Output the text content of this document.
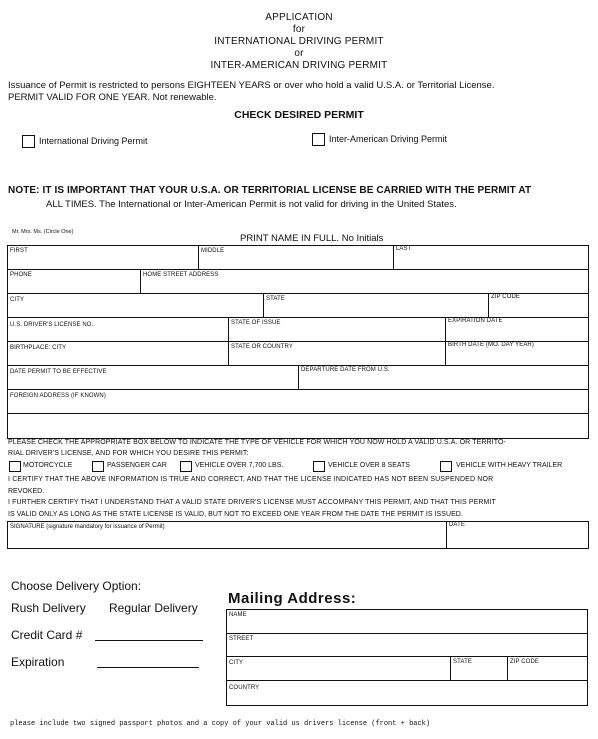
APPLICATION
for
INTERNATIONAL DRIVING PERMIT
or
INTER-AMERICAN DRIVING PERMIT
Issuance of Permit is restricted to persons EIGHTEEN YEARS or over who hold a valid U.S.A. or Territorial License.
PERMIT VALID FOR ONE YEAR. Not renewable.
CHECK DESIRED PERMIT
International Driving Permit	Inter-American Driving Permit
NOTE: IT IS IMPORTANT THAT YOUR U.S.A. OR TERRITORIAL LICENSE BE CARRIED WITH THE PERMIT AT
ALL TIMES. The International or Inter-American Permit is not valid for driving in the United States.
Mr. Mrs. Ms. (Circle One)
PRINT NAME IN FULL. No Initials
FIRST	MIDDLE	LAST
PHONE	HOME STREET ADDRESS
CITY	STATE	ZIP CODE
U.S. DRIVER'S LICENSE NO.	STATE OF ISSUE	EXPIRATION DATE
BIRTHPLACE: CITY	STATE OR COUNTRY	BIRTH DATE (MO. DAY YEAR)
DATE PERMIT TO BE EFFECTIVE	DEPARTURE DATE FROM U.S.
FOREIGN ADDRESS (IF KNOWN)
PLEASE CHECK THE APPROPRIATE BOX BELOW TO INDICATE THE TYPE OF VEHICLE FOR WHICH YOU NOW HOLD A VALID U.S.A. OR TERRITO-
RIAL DRIVER'S LICENSE, AND FOR WHICH YOU DESIRE THIS PERMIT:
MOTORCYCLE	PASSENGER CAR	VEHICLE OVER 7,700 LBS.	VEHICLE OVER 8 SEATS	VEHICLE WITH HEAVY TRAILER
I CERTIFY THAT THE ABOVE INFORMATION IS TRUE AND CORRECT, AND THAT THE LICENSE INDICATED HAS NOT BEEN SUSPENDED NOR
REVOKED.
I FURTHER CERTIFY THAT I UNDERSTAND THAT A VALID STATE DRIVER'S LICENSE MUST ACCOMPANY THIS PERMIT, AND THAT THIS PERMIT
IS VALID ONLY AS LONG AS THE STATE LICENSE IS VALID, BUT NOT TO EXCEED ONE YEAR FROM THE DATE THE PERMIT IS ISSUED.
SIGNATURE (signature mandatory for issuance of Permit)	DATE
Choose Delivery Option:
Rush Delivery Regular Delivery
Credit Card #
Expiration
Mailing Address:
NAME
STREET
CITY	STATE	ZIP CODE
COUNTRY
please include two signed passport photos and a copy of your valid us drivers license (front + back)
